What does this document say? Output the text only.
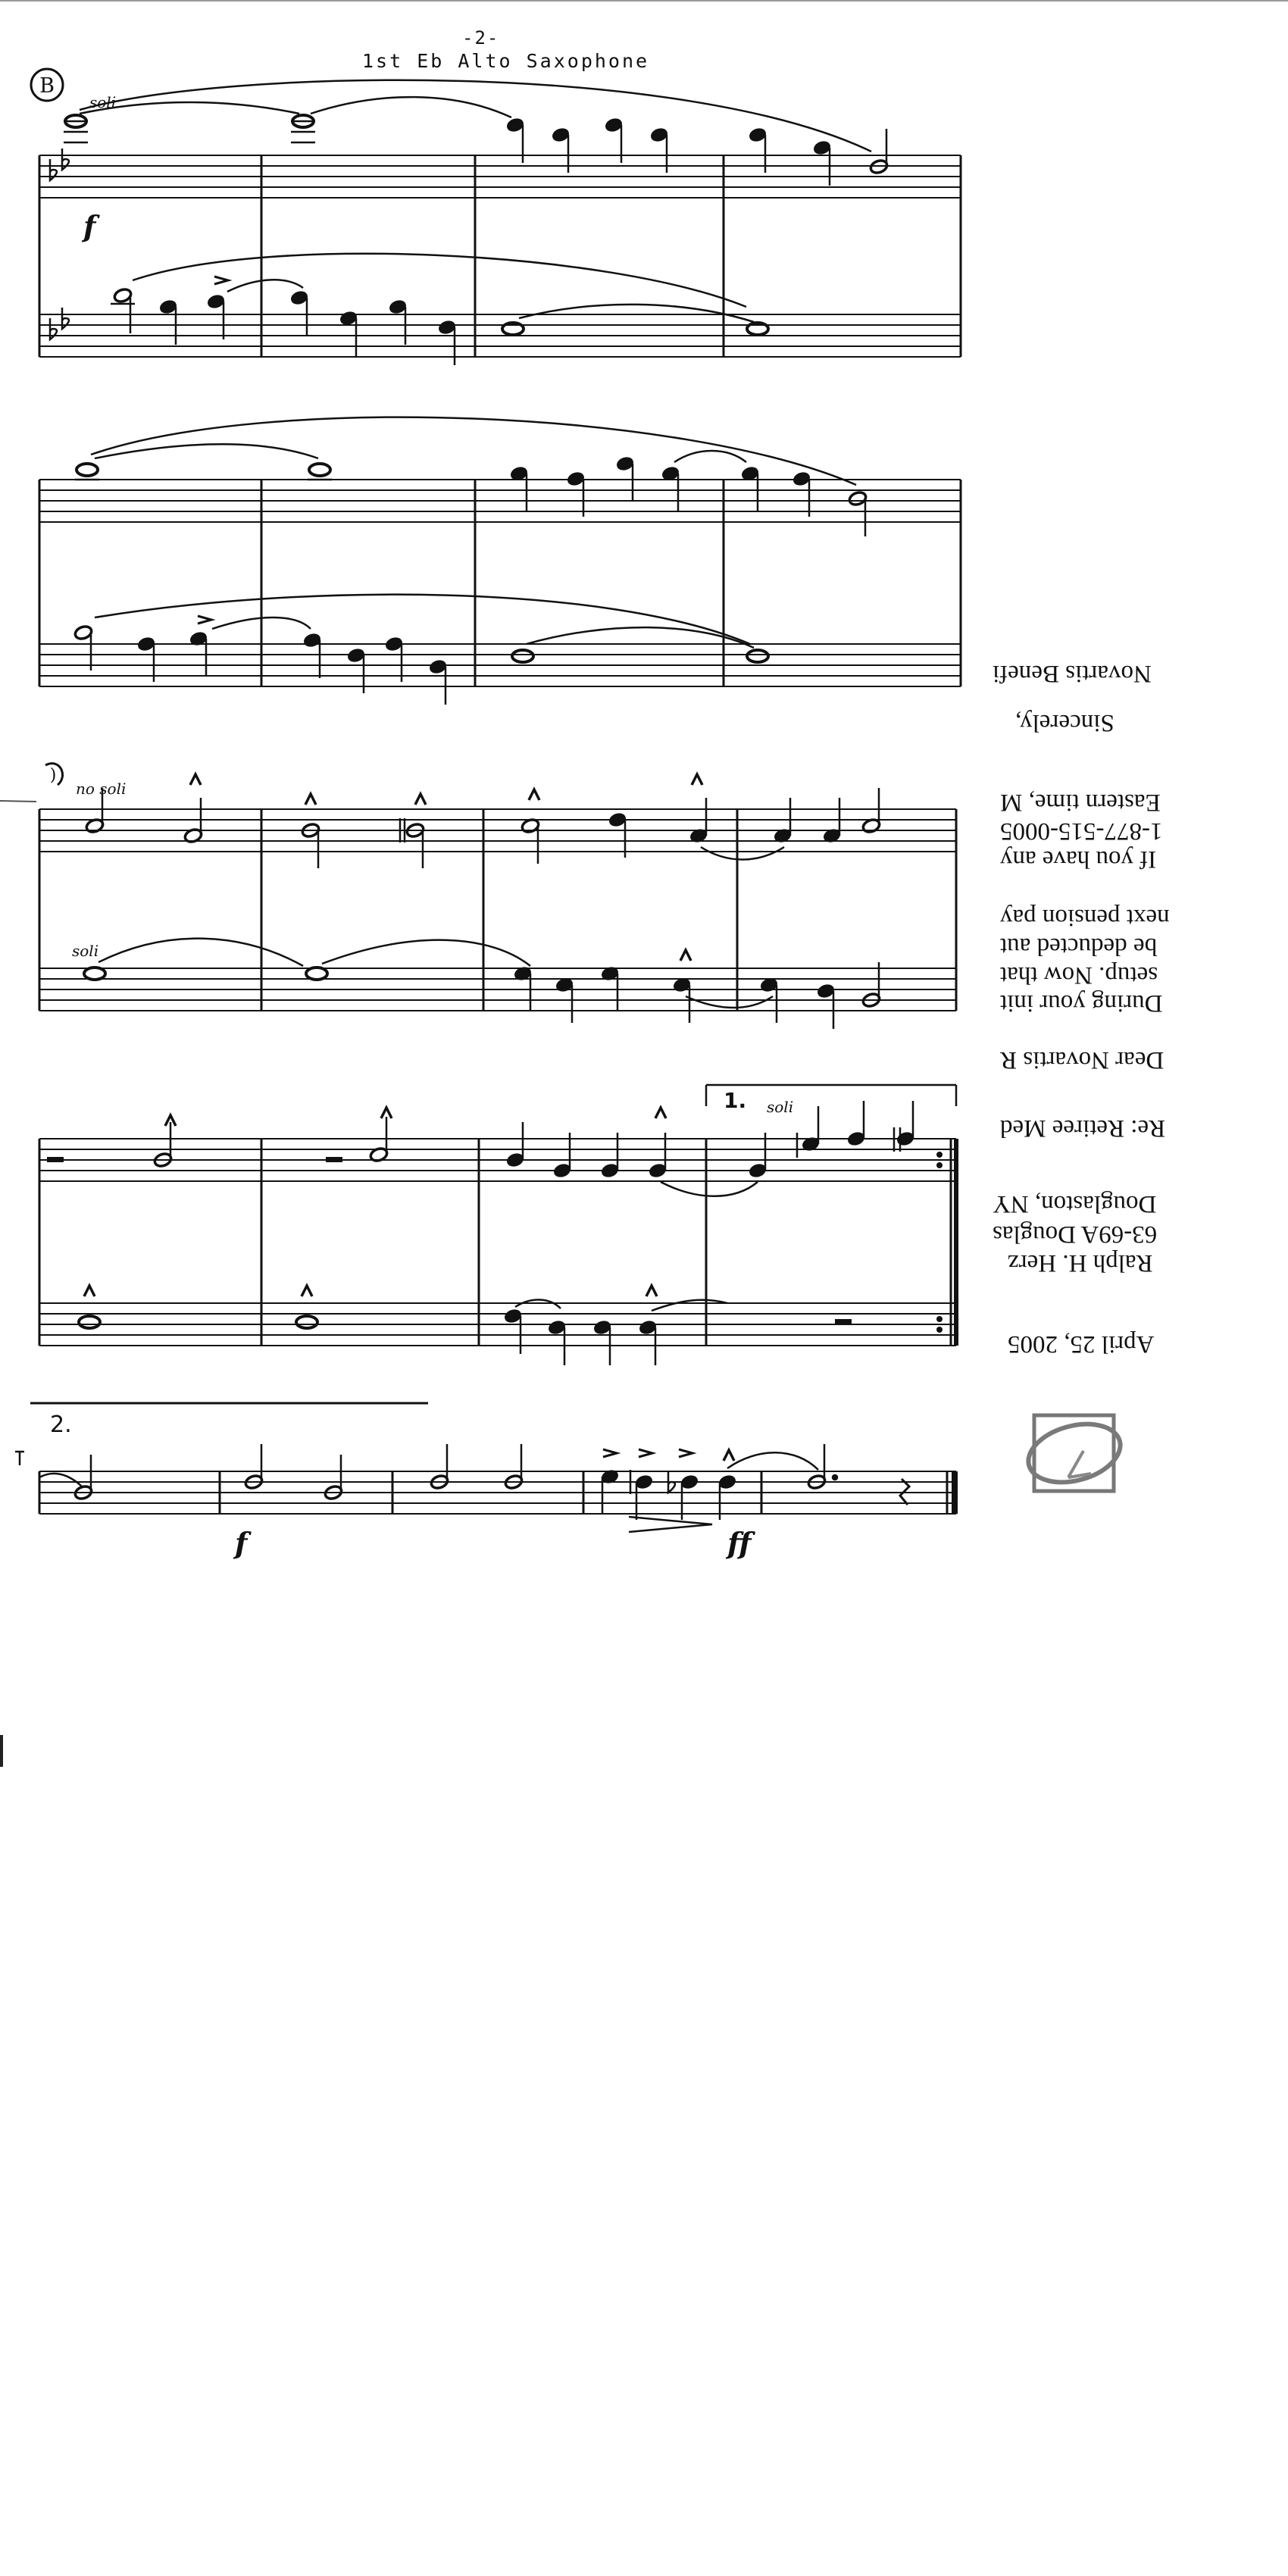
-2-
1st Eb Alto Saxophone
April 25, 2005
Ralph H. Herz
63-69A Douglas
Douglaston, NY
Re: Retiree Med
Dear Novartis R
During your init
setup. Now that
be deducted aut
next pension pay
If you have any
1-877-515-0005
Eastern time, M
Sincerely,
Novartis Benefi
B
soli
f
)
no soli
soli
1. soli
2.
f	ff
